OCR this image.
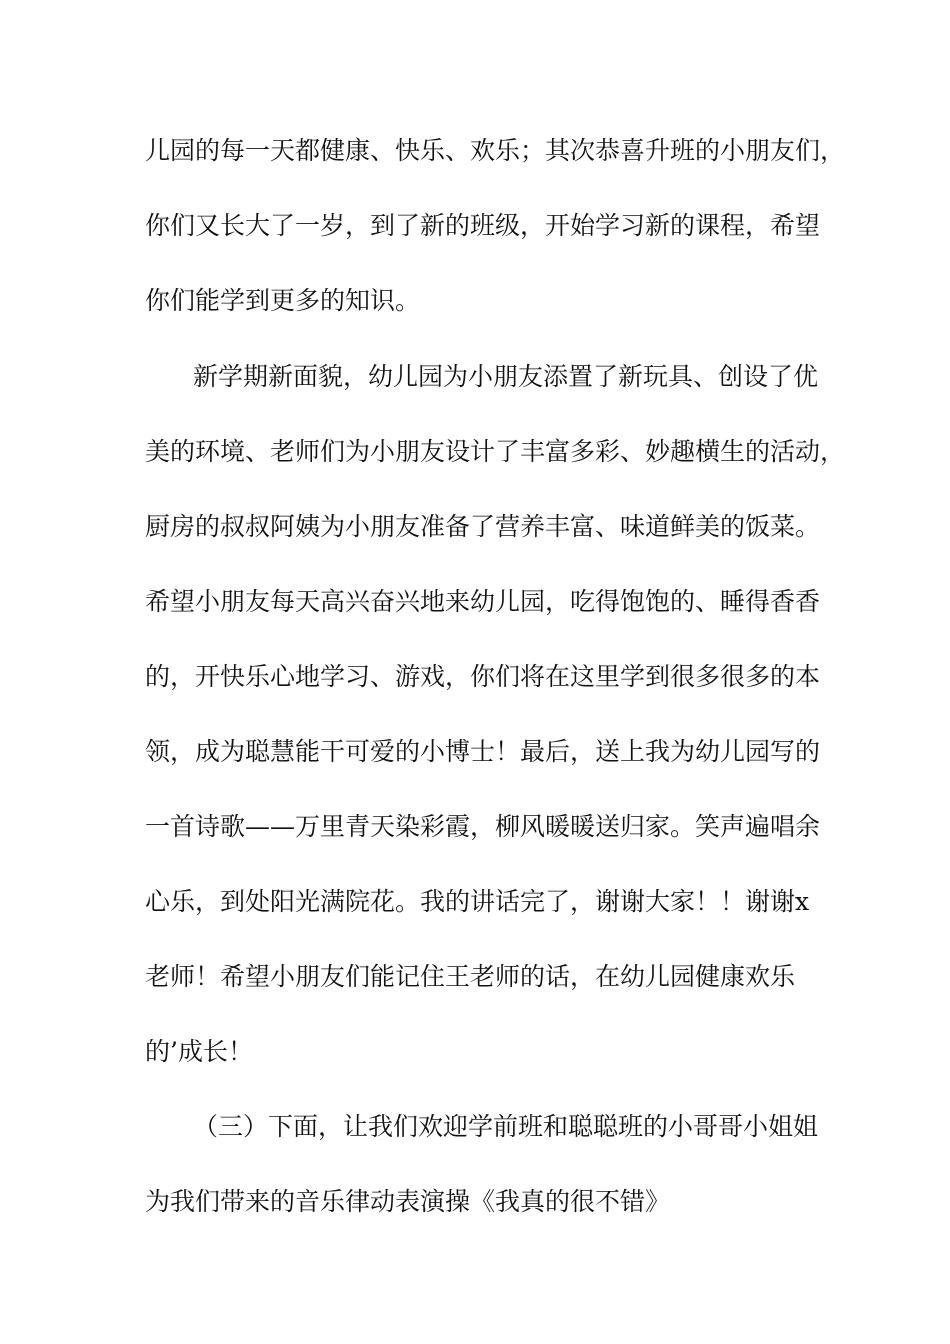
儿园的每一天都健康、快乐、欢乐；其次恭喜升班的小朋友们，
你们又长大了一岁，到了新的班级，开始学习新的课程，希望
你们能学到更多的知识。
新学期新面貌，幼儿园为小朋友添置了新玩具、创设了优
美的环境、老师们为小朋友设计了丰富多彩、妙趣横生的活动，
厨房的叔叔阿姨为小朋友准备了营养丰富、味道鲜美的饭菜。
希望小朋友每天高兴奋兴地来幼儿园，吃得饱饱的、睡得香香
的，开快乐心地学习、游戏，你们将在这里学到很多很多的本
领，成为聪慧能干可爱的小博士！最后，送上我为幼儿园写的
一首诗歌——万里青天染彩霞，柳风暖暖送归家。笑声遍唱余
心乐，到处阳光满院花。我的讲话完了，谢谢大家！！谢谢x
老师！希望小朋友们能记住王老师的话，在幼儿园健康欢乐
的’成长！
（三）下面，让我们欢迎学前班和聪聪班的小哥哥小姐姐
为我们带来的音乐律动表演操《我真的很不错》
